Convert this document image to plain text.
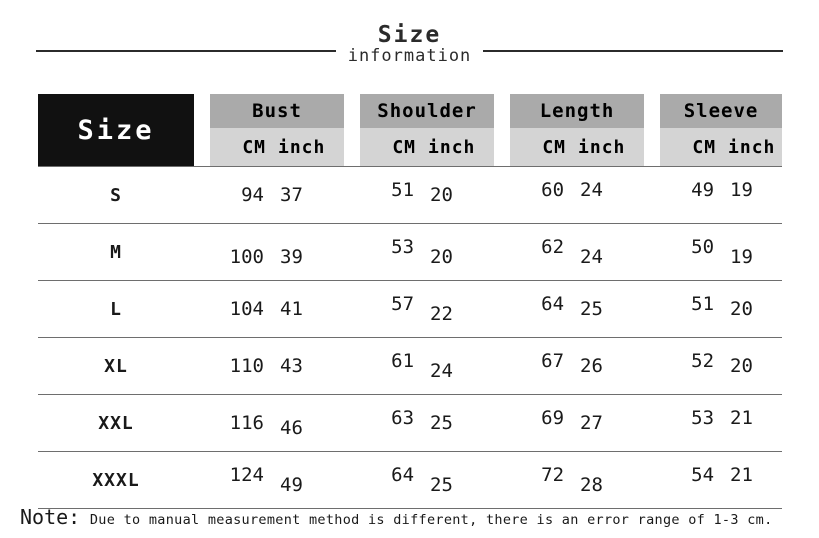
Size
information
Size		Bust			Shoulder			Length			Sleeve	
		CM	inch		CM	inch		CM	inch		CM	inch
S		94	37		51	20		60	24		49	19
M		100	39		53	20		62	24		50	19
L		104	41		57	22		64	25		51	20
XL		110	43		61	24		67	26		52	20
XXL		116	46		63	25		69	27		53	21
XXXL		124	49		64	25		72	28		54	21
Note: Due to manual measurement method is different, there is an error range of 1-3 cm.
